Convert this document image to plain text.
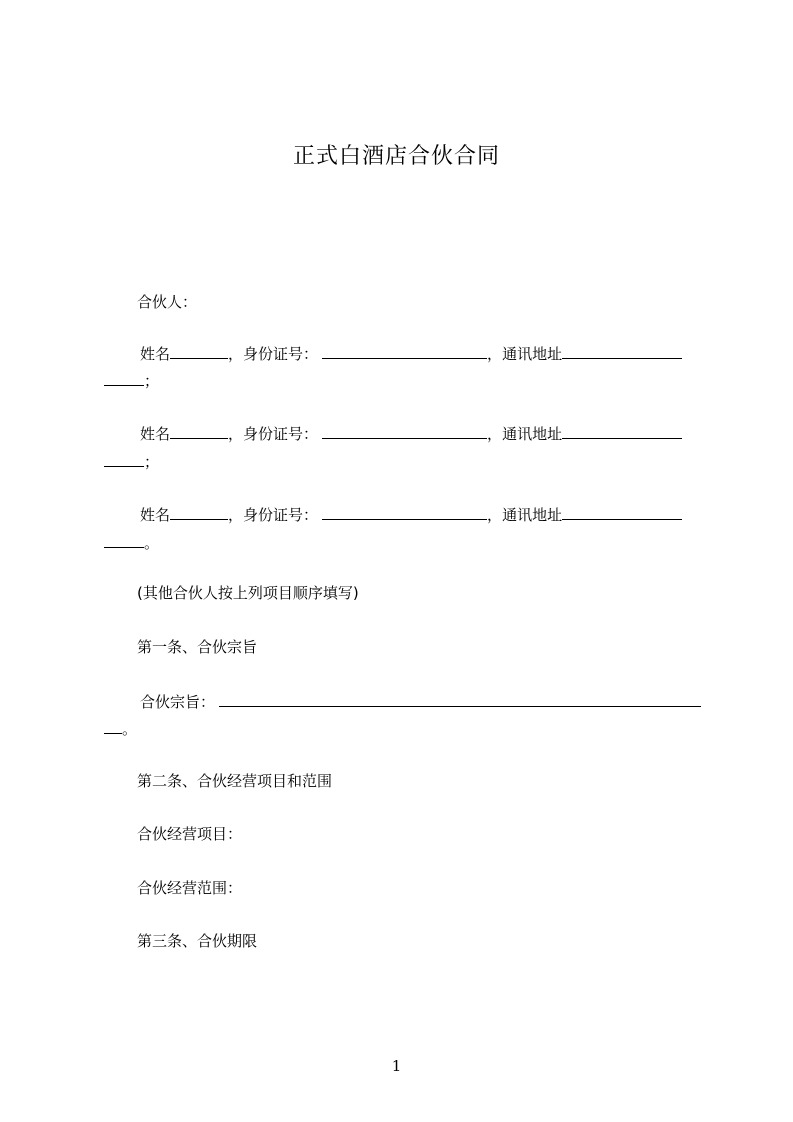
正式白酒店合伙合同
合伙人：
姓名	，身份证号：	，通讯地址
；
姓名	，身份证号：	，通讯地址
；
姓名	，身份证号：	，通讯地址
。
(其他合伙人按上列项目顺序填写)
第一条、合伙宗旨
合伙宗旨：
。
第二条、合伙经营项目和范围
合伙经营项目：
合伙经营范围：
第三条、合伙期限
1
